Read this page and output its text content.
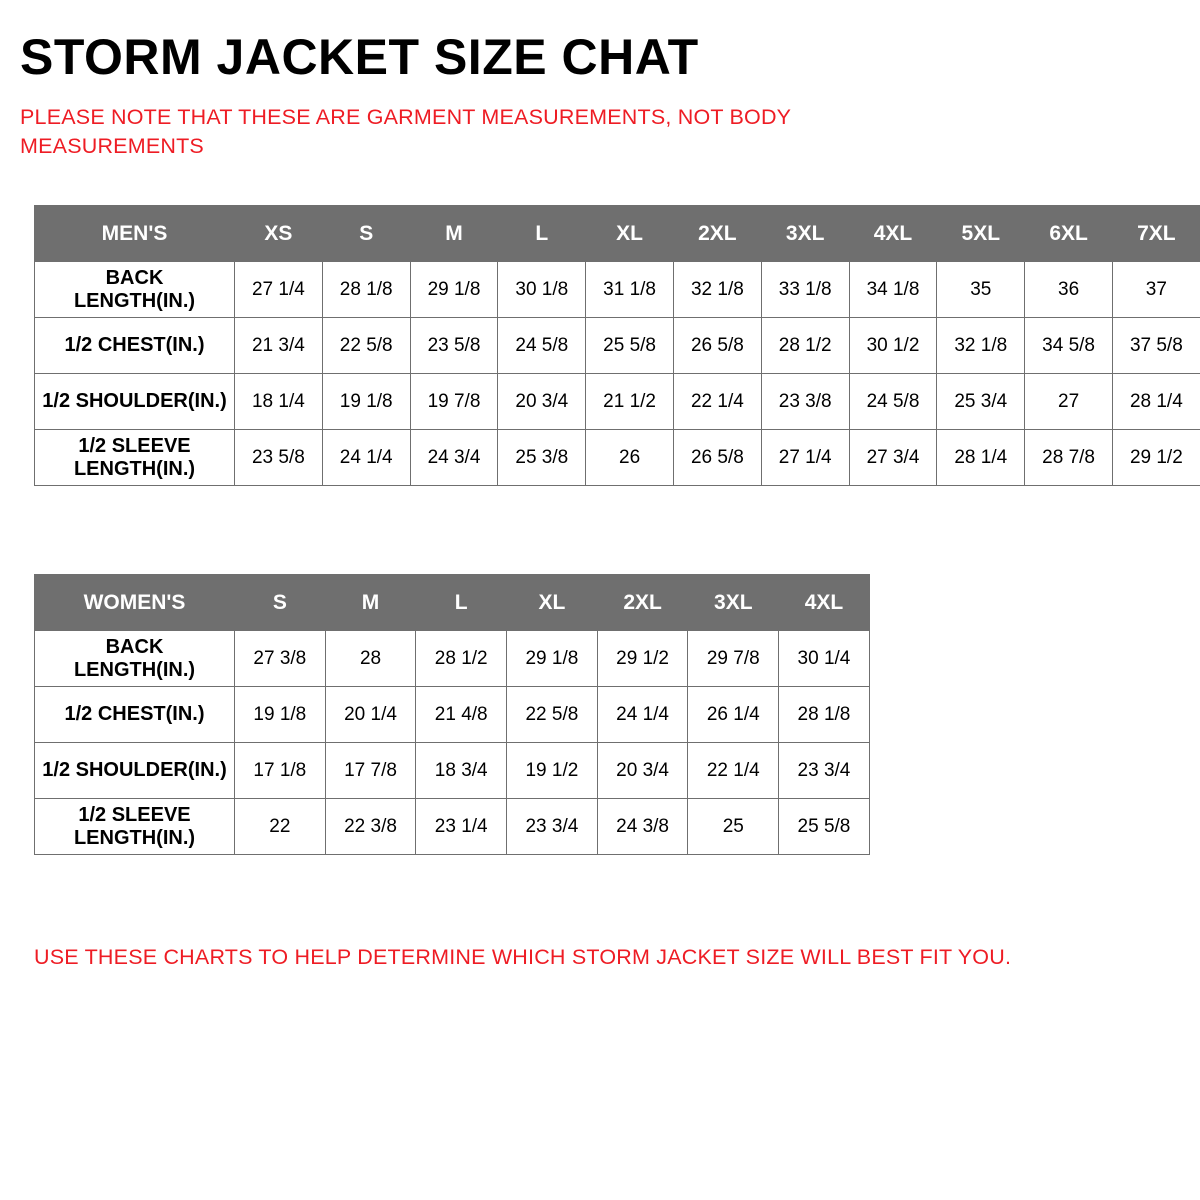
STORM JACKET SIZE CHAT
PLEASE NOTE THAT THESE ARE GARMENT MEASUREMENTS, NOT BODY MEASUREMENTS
MEN'S	XS	S	M	L	XL	2XL	3XL	4XL	5XL	6XL	7XL

BACK
LENGTH(IN.)	27 1/4	28 1/8	29 1/8	30 1/8	31 1/8	32 1/8	33 1/8	34 1/8	35	36	37
1/2 CHEST(IN.)	21 3/4	22 5/8	23 5/8	24 5/8	25 5/8	26 5/8	28 1/2	30 1/2	32 1/8	34 5/8	37 5/8
1/2 SHOULDER(IN.)	18 1/4	19 1/8	19 7/8	20 3/4	21 1/2	22 1/4	23 3/8	24 5/8	25 3/4	27	28 1/4

1/2 SLEEVE
LENGTH(IN.)	23 5/8	24 1/4	24 3/4	25 3/8	26	26 5/8	27 1/4	27 3/4	28 1/4	28 7/8	29 1/2
WOMEN'S	S	M	L	XL	2XL	3XL	4XL

BACK
LENGTH(IN.)	27 3/8	28	28 1/2	29 1/8	29 1/2	29 7/8	30 1/4
1/2 CHEST(IN.)	19 1/8	20 1/4	21 4/8	22 5/8	24 1/4	26 1/4	28 1/8
1/2 SHOULDER(IN.)	17 1/8	17 7/8	18 3/4	19 1/2	20 3/4	22 1/4	23 3/4

1/2 SLEEVE
LENGTH(IN.)	22	22 3/8	23 1/4	23 3/4	24 3/8	25	25 5/8
USE THESE CHARTS TO HELP DETERMINE WHICH STORM JACKET SIZE WILL BEST FIT YOU.
